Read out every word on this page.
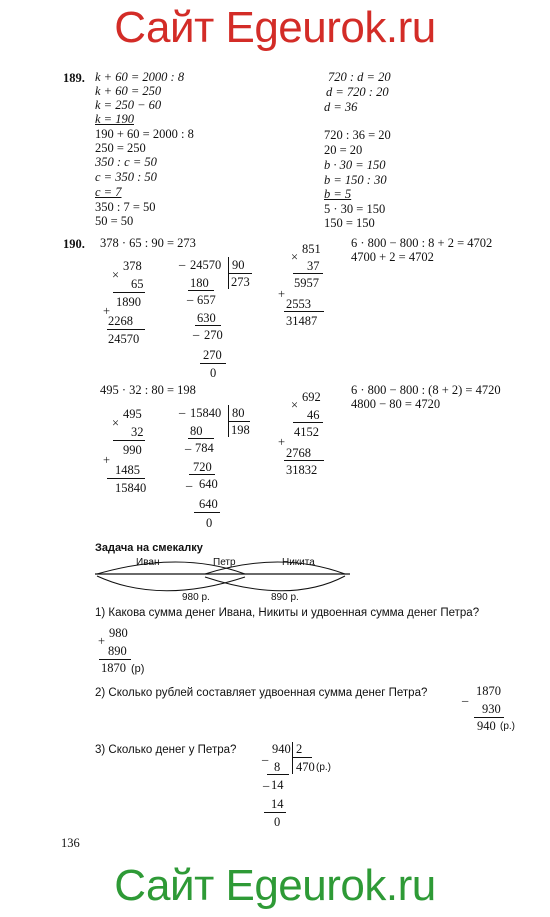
Сайт Egeurok.ru
189. k + 60 = 2000 : 8
k + 60 = 250
k = 250 − 60
k = 190
190 + 60 = 2000 : 8
250 = 250
350 : c = 50
c = 350 : 50
c = 7
350 : 7 = 50
50 = 50
720 : d = 20
d = 720 : 20
d = 36
720 : 36 = 20
20 = 20
b · 30 = 150
b = 150 : 30
b = 5
5 · 30 = 150
150 = 150
190. 378 · 65 : 90 = 273
378
×
65
1890
+
2268
24570
_ 24570 90
273
180
_ 657
630
_ 270
270
0
851
×
37
5957
+
2553
31487
6 · 800 − 800 : 8 + 2 = 4702
4700 + 2 = 4702
495 · 32 : 80 = 198
495
×
32
990
+
1485
15840
_ 15840 80
198
80
_ 784
720
_ 640
640
0
692
×
46
4152
+
2768
31832
6 · 800 − 800 : (8 + 2) = 4720
4800 − 80 = 4720
Задача на смекалку
Иван	Петр	Никита
980 р.	890 р.
1) Какова сумма денег Ивана, Никиты и удвоенная сумма денег Петра?
980
+
890
1870 (р)
2) Сколько рублей составляет удвоенная сумма денег Петра?	_ 1870
930
940 (р.)
3) Сколько денег у Петра? _ 940 2
470 (р.)
8
_ 14
14
0
136
Сайт Egeurok.ru
